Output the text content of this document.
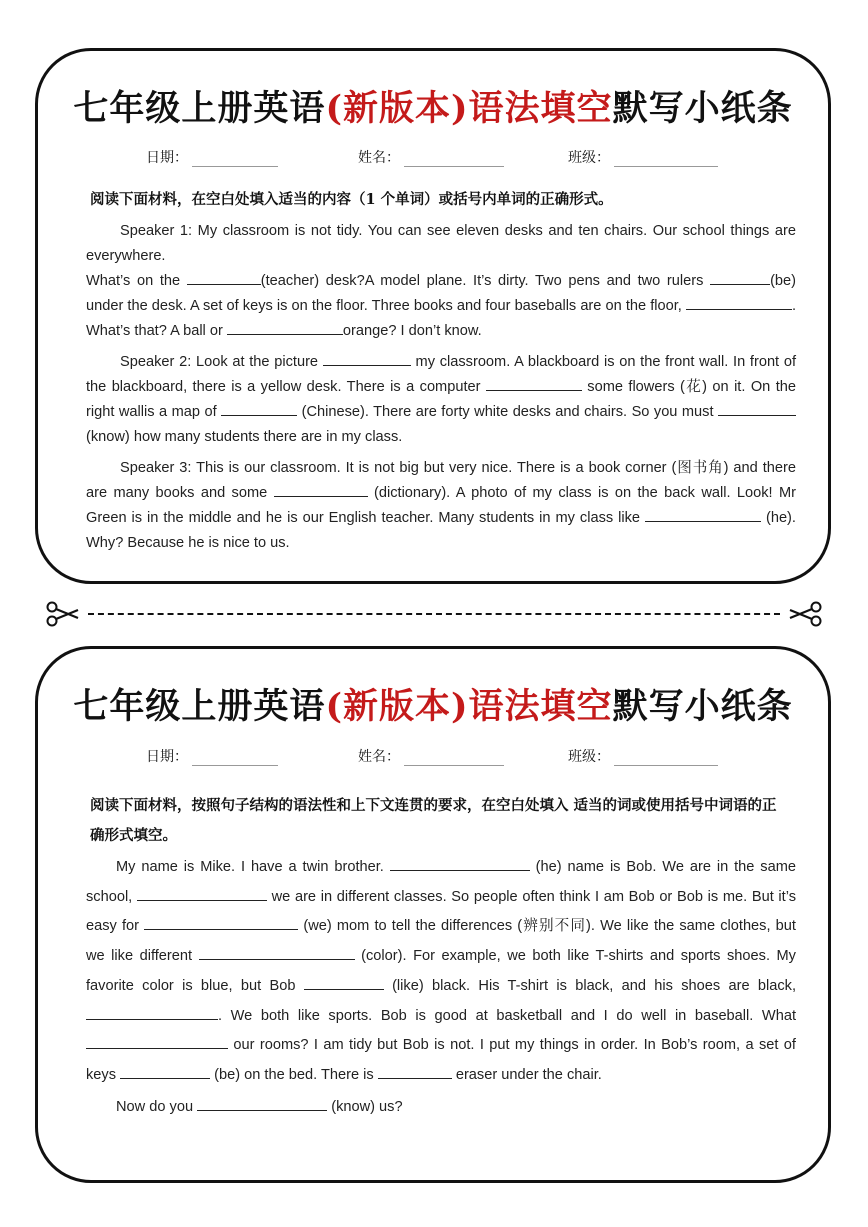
七年级上册英语(新版本)语法填空默写小纸条
日期：	姓名：	班级：
阅读下面材料，在空白处填入适当的内容（1 个单词）或括号内单词的正确形式。

Speaker 1: My classroom is not tidy. You can see eleven desks and ten chairs. Our school things are everywhere.
What’s on the	(teacher) desk?A model plane. It’s dirty. Two pens and two rulers	(be) under the desk. A set of keys is on the floor. Three books and four baseballs are on the floor,	. What’s that? A ball or	orange? I don’t know.

Speaker 2: Look at the picture	my classroom. A blackboard is on the front wall. In front of the blackboard, there is a yellow desk. There is a computer	some flowers (花) on it. On the right wallis a map of	(Chinese). There are forty white desks and chairs. So you must  (know) how many students there are in my class.

Speaker 3: This is our classroom. It is not big but very nice. There is a book corner (图书角) and there are many books and some	(dictionary). A photo of my class is on the back wall. Look! Mr Green is in the middle and he is our English teacher. Many students in my class like	(he). Why? Because he is nice to us.

七年级上册英语(新版本)语法填空默写小纸条
日期：	姓名：	班级：
阅读下面材料，按照句子结构的语法性和上下文连贯的要求，在空白处填入 适当的词或使用括号中词语的正确形式填空。

My name is Mike. I have a twin brother.	(he) name is Bob. We are in the same school,	we are in different classes. So people often think I am Bob or Bob is me. But it’s easy for	(we) mom to tell the differences (辨别不同). We like the same clothes, but we like different	(color). For example, we both like T-shirts and sports shoes. My favorite color is blue, but Bob	(like) black. His T-shirt is black, and his shoes are black, . We both like sports. Bob is good at basketball and I do well in baseball. What  our rooms? I am tidy but Bob is not. I put my things in order. In Bob’s room, a set of keys	(be) on the bed. There is	eraser under the chair.

Now do you	(know) us?
